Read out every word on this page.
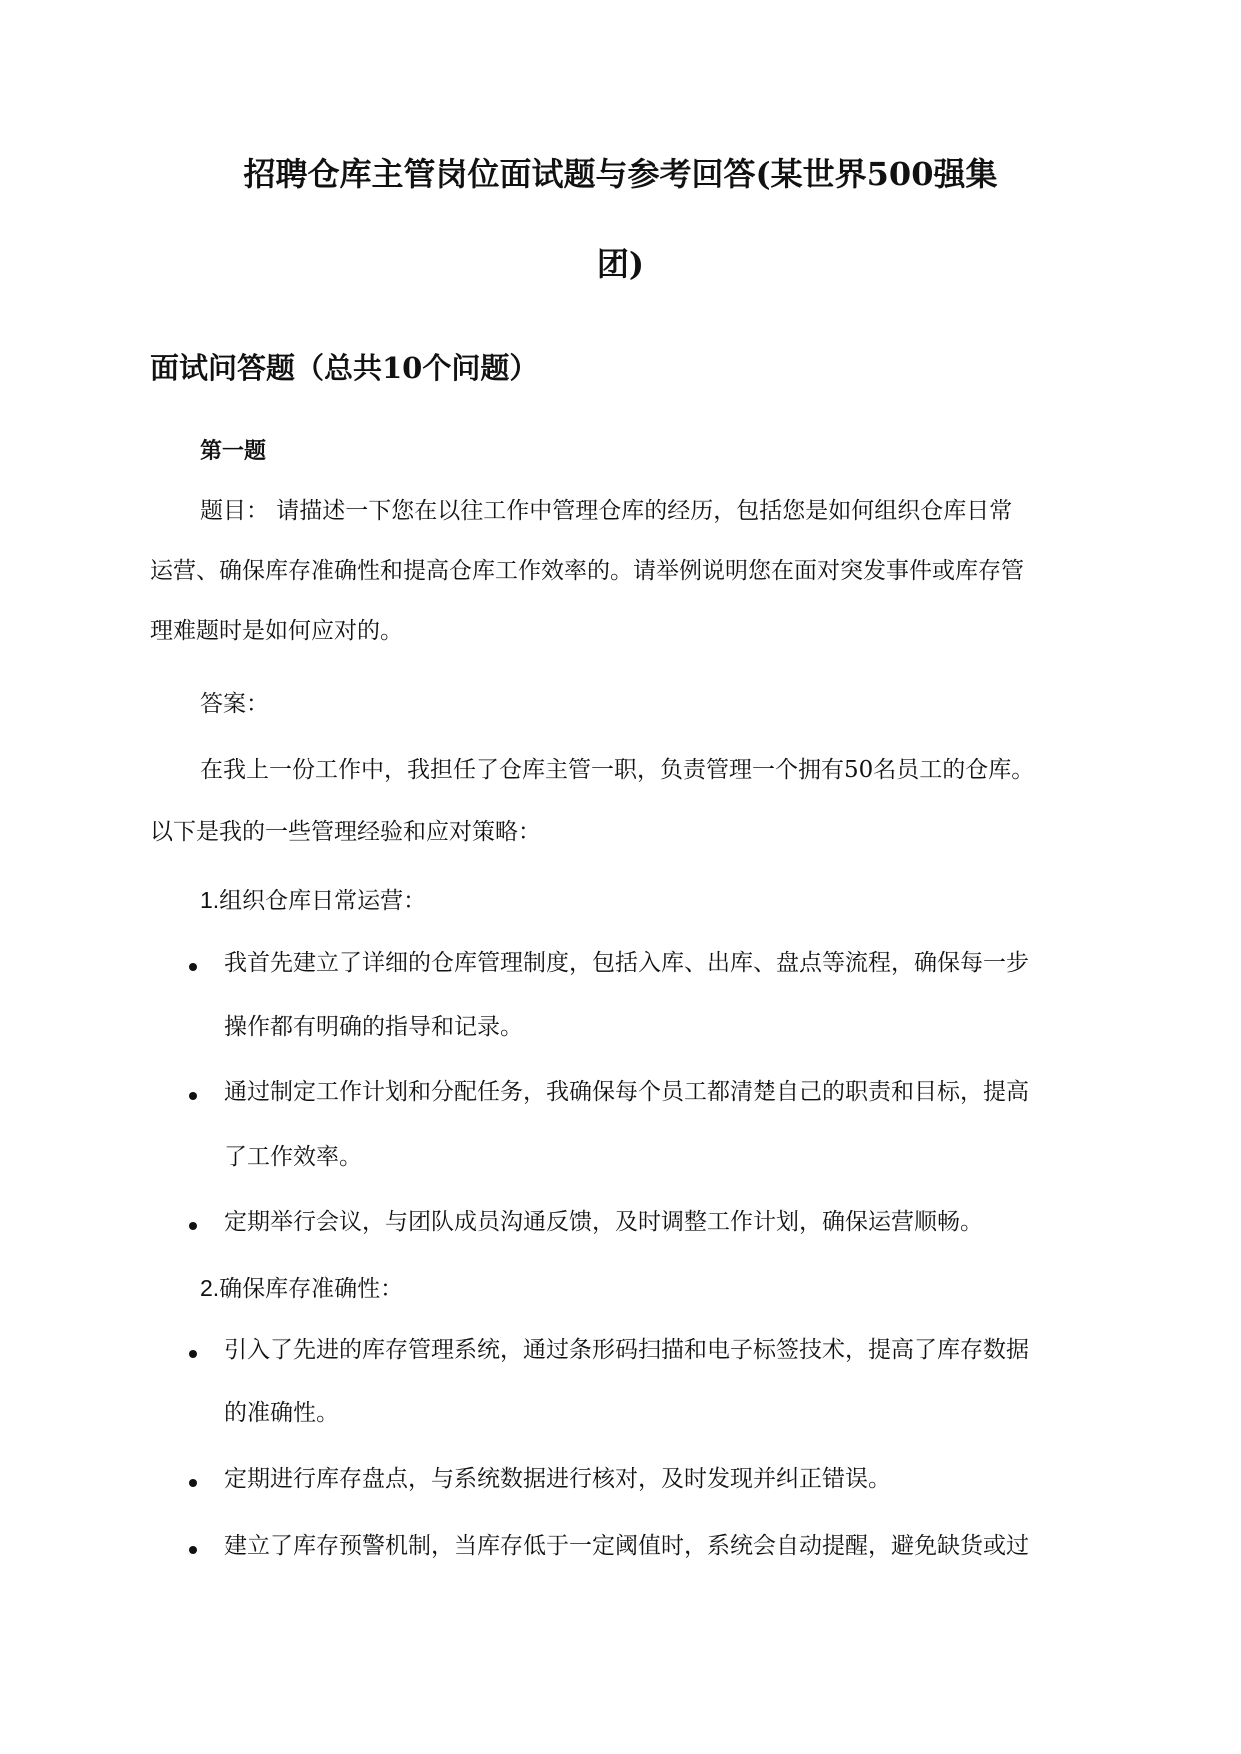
招聘仓库主管岗位面试题与参考回答(某世界500强集
团)
面试问答题（总共10个问题）
第一题

题目： 请描述一下您在以往工作中管理仓库的经历，包括您是如何组织仓库日常

运营、确保库存准确性和提高仓库工作效率的。请举例说明您在面对突发事件或库存管

理难题时是如何应对的。

答案：

在我上一份工作中，我担任了仓库主管一职，负责管理一个拥有50名员工的仓库。

以下是我的一些管理经验和应对策略：

1.组织仓库日常运营：

我首先建立了详细的仓库管理制度，包括入库、出库、盘点等流程，确保每一步

操作都有明确的指导和记录。

通过制定工作计划和分配任务，我确保每个员工都清楚自己的职责和目标，提高

了工作效率。

定期举行会议，与团队成员沟通反馈，及时调整工作计划，确保运营顺畅。

2.确保库存准确性：

引入了先进的库存管理系统，通过条形码扫描和电子标签技术，提高了库存数据

的准确性。

定期进行库存盘点，与系统数据进行核对，及时发现并纠正错误。

建立了库存预警机制，当库存低于一定阈值时，系统会自动提醒，避免缺货或过
